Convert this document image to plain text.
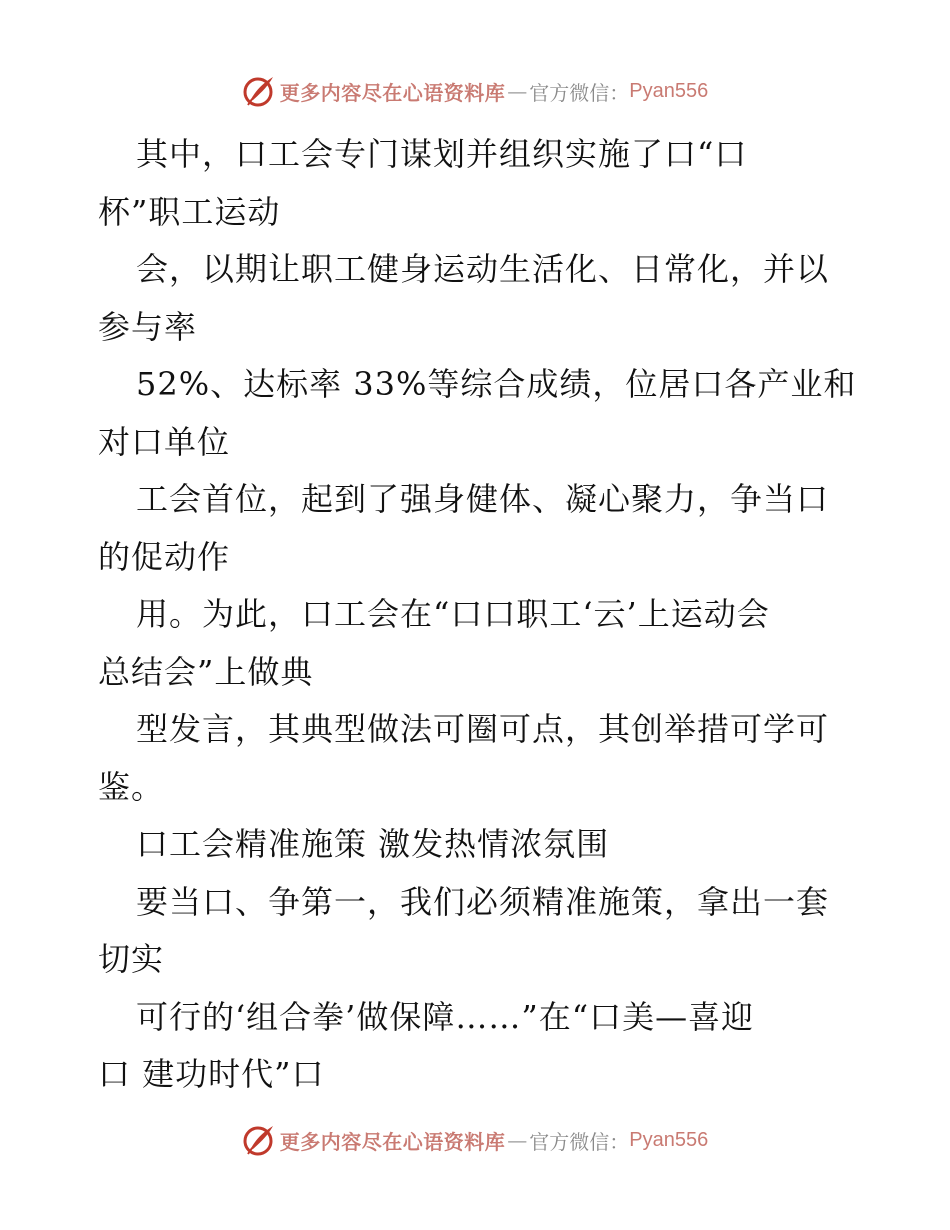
更多内容尽在心语资料库 — 官方微信： Pyan556
其中，口工会专门谋划并组织实施了口“口
杯”职工运动
会，以期让职工健身运动生活化、日常化，并以
参与率
52%、达标率 33%等综合成绩，位居口各产业和
对口单位
工会首位，起到了强身健体、凝心聚力，争当口
的促动作
用。为此，口工会在“口口职工‘云’上运动会
总结会”上做典
型发言，其典型做法可圈可点，其创举措可学可
鉴。
口工会精准施策 激发热情浓氛围
要当口、争第一，我们必须精准施策，拿出一套
切实
可行的‘组合拳’做保障……”在“口美—喜迎
口 建功时代”口
更多内容尽在心语资料库 — 官方微信： Pyan556
